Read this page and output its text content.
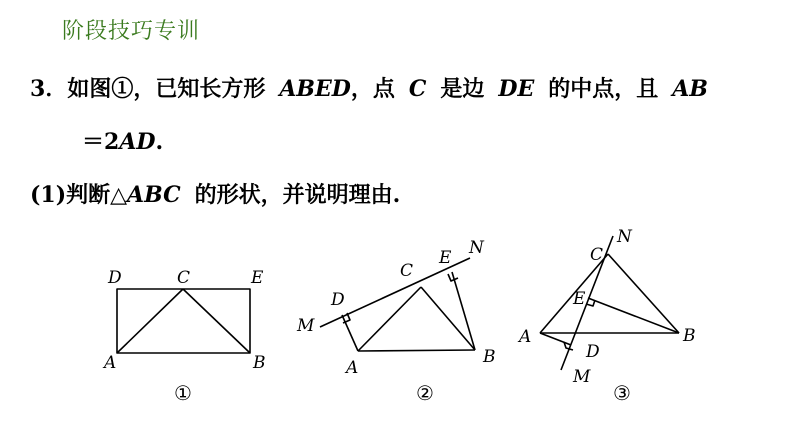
阶段技巧专训
3．如图①，已知长方形 ABED，点 C 是边 DE 的中点，且 AB
＝2AD.
(1)判断△ABC 的形状，并说明理由.
A	B
C
D	E
①
A
B
C
D
E
M
N
②
A	B
C
D
E
M
N
③
